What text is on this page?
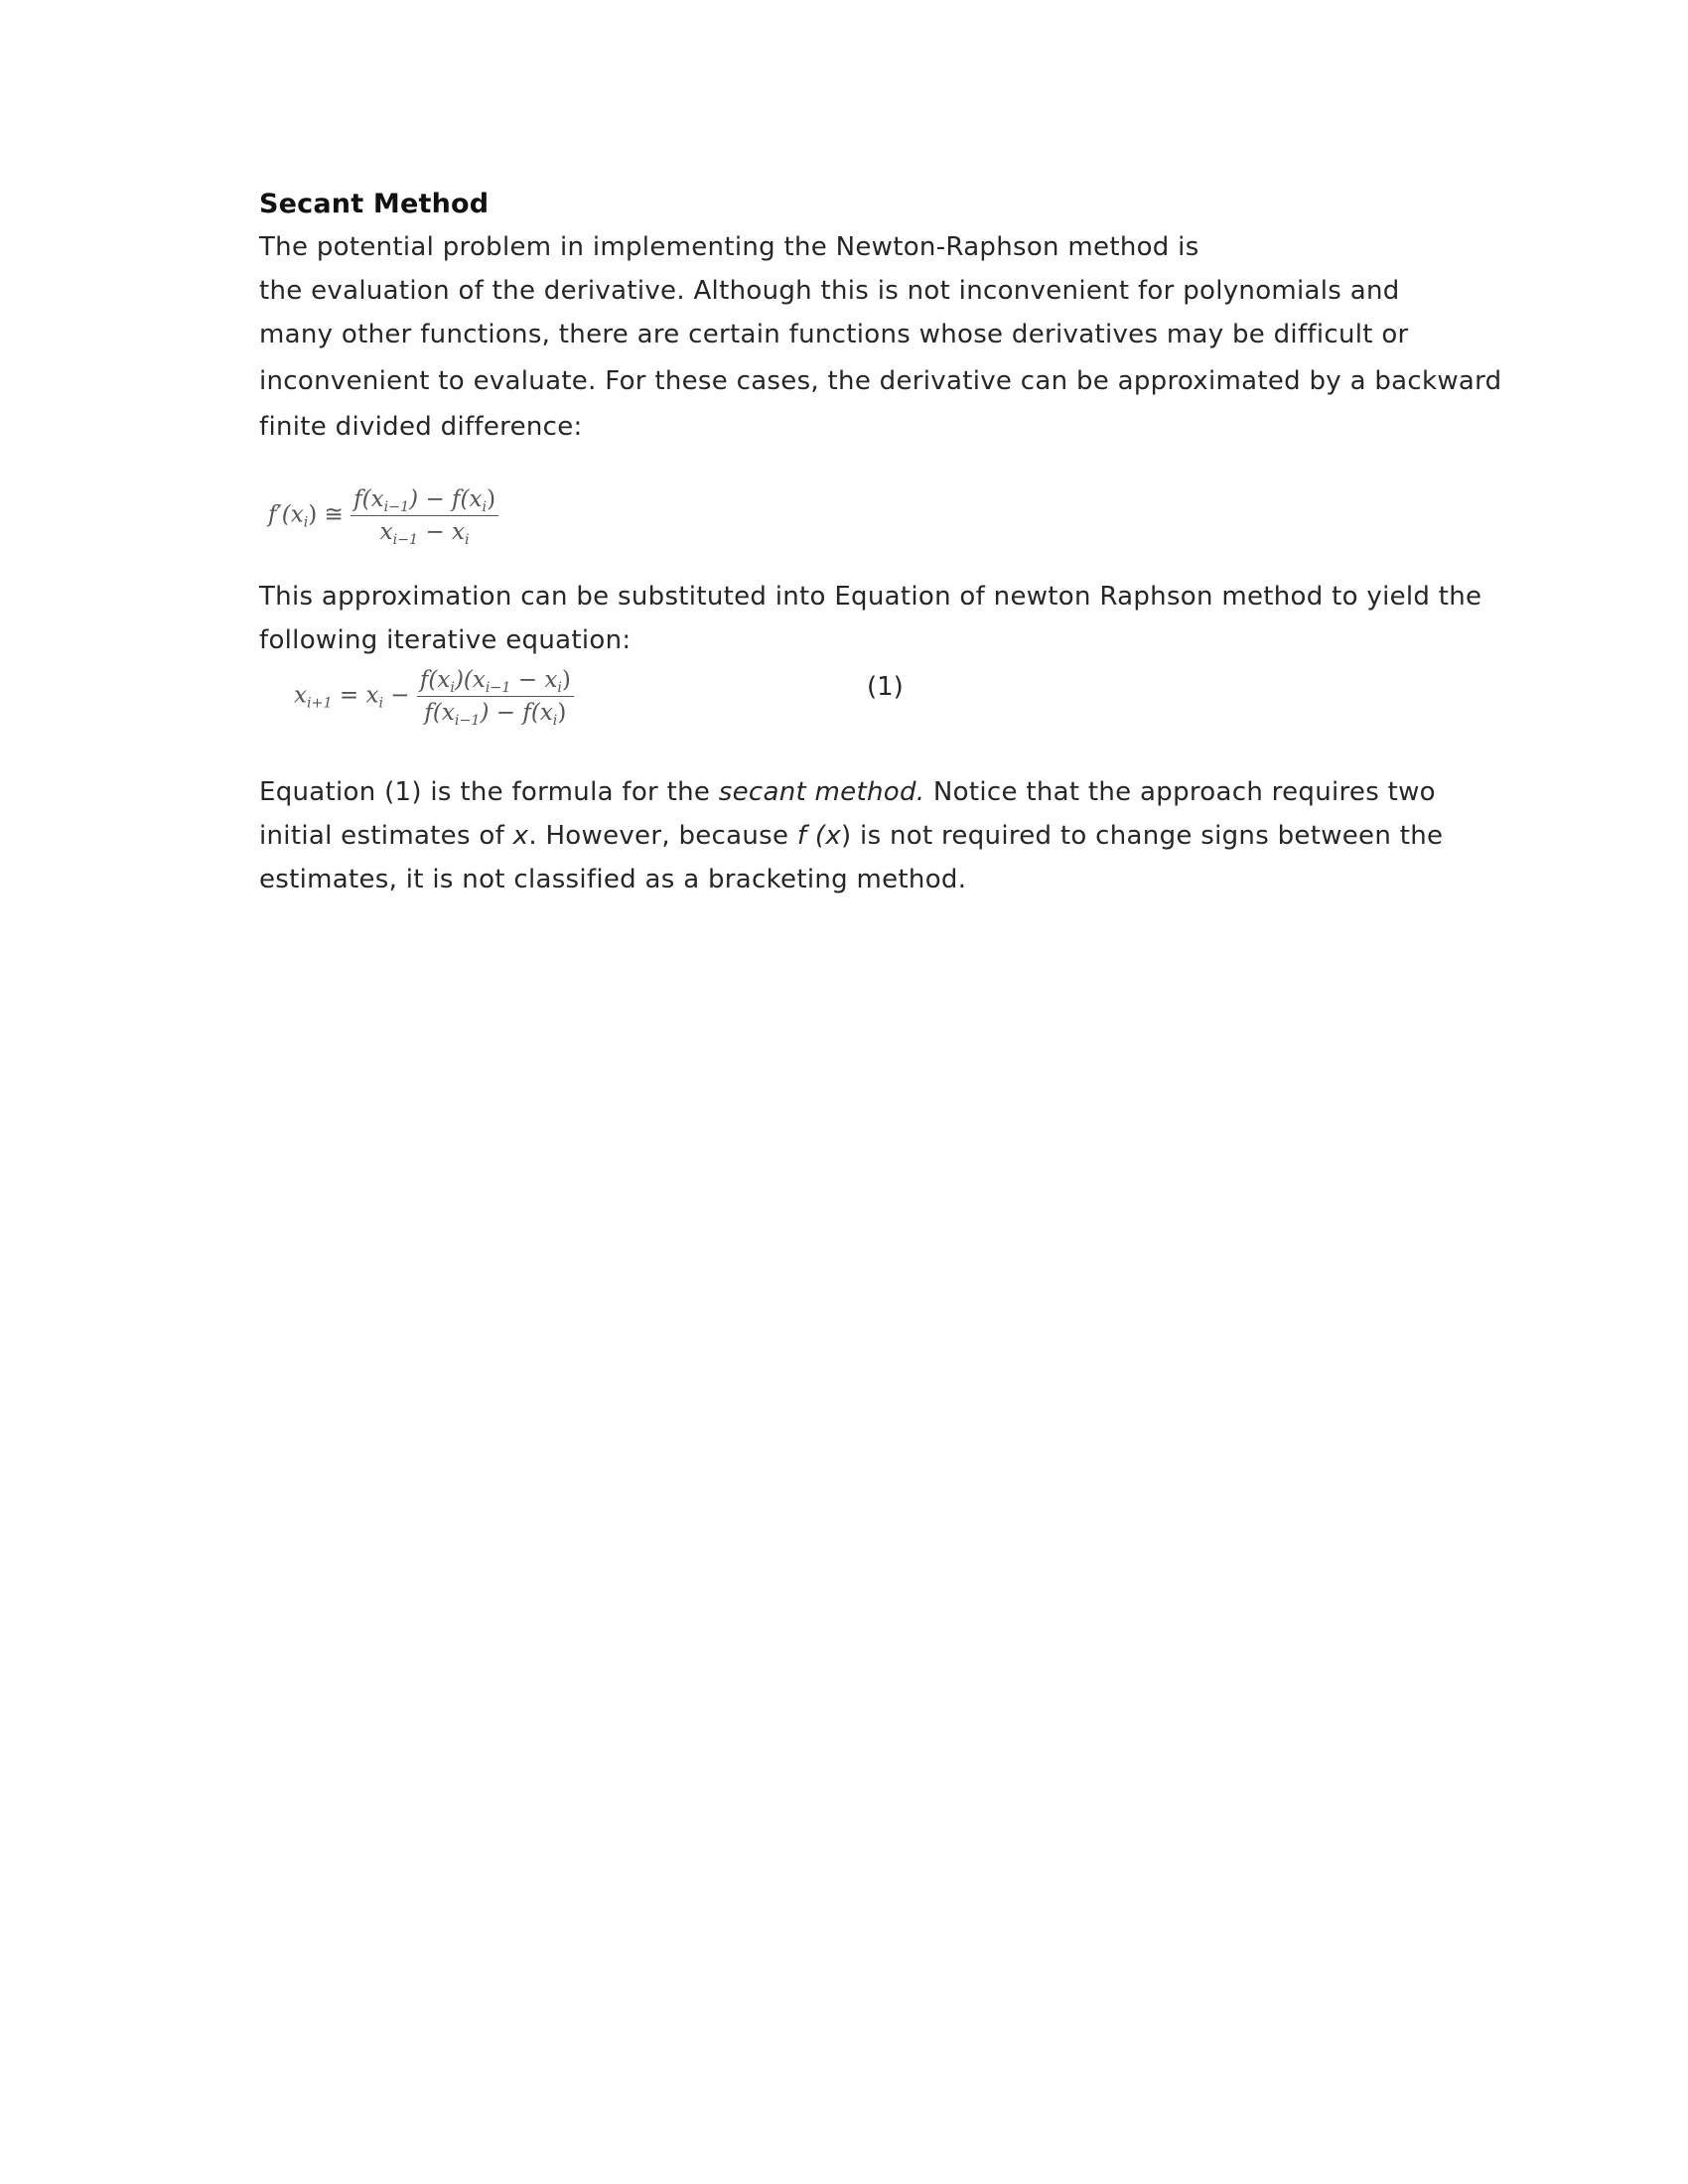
Secant Method
The potential problem in implementing the Newton-Raphson method is
the evaluation of the derivative. Although this is not inconvenient for polynomials and
many other functions, there are certain functions whose derivatives may be difficult or
inconvenient to evaluate. For these cases, the derivative can be approximated by a backward
finite divided difference:
$f'(x_i)$ ≅ $\frac{f(x_{i-1}) - f(x_i)}{x_{i-1} - x_i}$
This approximation can be substituted into Equation of newton Raphson method to yield the
following iterative equation:
$x_{i+1} = x_i - \frac{f(x_i)(x_{i-1} - x_i)}{f(x_{i-1}) - f(x_i)}$	(1)
Equation (1) is the formula for the secant method. Notice that the approach requires two
initial estimates of x. However, because f (x) is not required to change signs between the
estimates, it is not classified as a bracketing method.
